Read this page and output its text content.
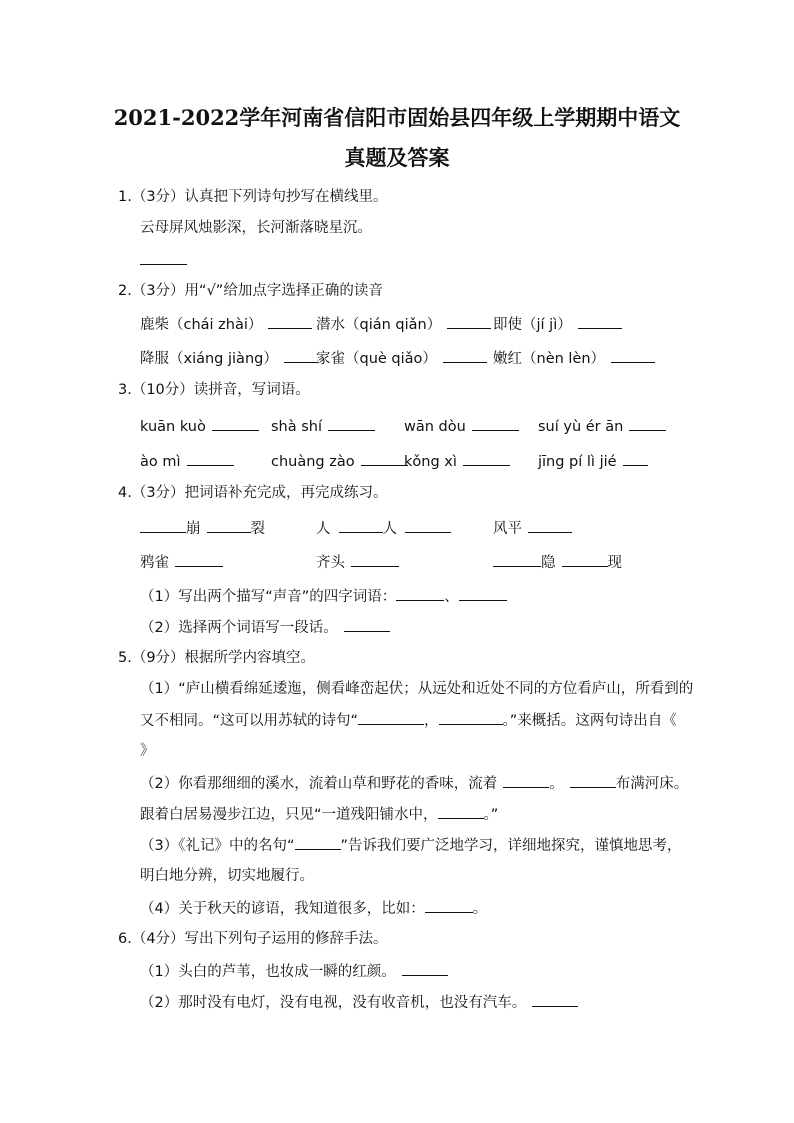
2021-2022学年河南省信阳市固始县四年级上学期期中语文
真题及答案
1.（3分）认真把下列诗句抄写在横线里。
云母屏风烛影深，长河渐落晓星沉。
2.（3分）用“√”给加点字选择正确的读音
鹿柴（chái zhài）	潜水（qián qiǎn）	即使（jí jì）
降服（xiáng jiàng）	家雀（què qiǎo）	嫩红（nèn lèn）
3.（10分）读拼音，写词语。
kuān kuò	shà shí	wān dòu	suí yù ér ān
ào mì	chuàng zào	kǒng xì	jīng pí lì jié
4.（3分）把词语补充完成，再完成练习。
崩	裂	人	人	风平
鸦雀	齐头	隐	现
（1）写出两个描写“声音”的四字词语：	、
（2）选择两个词语写一段话。
5.（9分）根据所学内容填空。
（1）“庐山横看绵延逶迤，侧看峰峦起伏；从远处和近处不同的方位看庐山，所看到的
又不相同。“这可以用苏轼的诗句“	，	。”来概括。这两句诗出自《
》
（2）你看那细细的溪水，流着山草和野花的香味，流着	。	布满河床。
跟着白居易漫步江边，只见“一道残阳铺水中，	。”
（3）《礼记》中的名句“	”告诉我们要广泛地学习，详细地探究，谨慎地思考，
明白地分辨，切实地履行。
（4）关于秋天的谚语，我知道很多，比如：	。
6.（4分）写出下列句子运用的修辞手法。
（1）头白的芦苇，也妆成一瞬的红颜。
（2）那时没有电灯，没有电视，没有收音机，也没有汽车。
